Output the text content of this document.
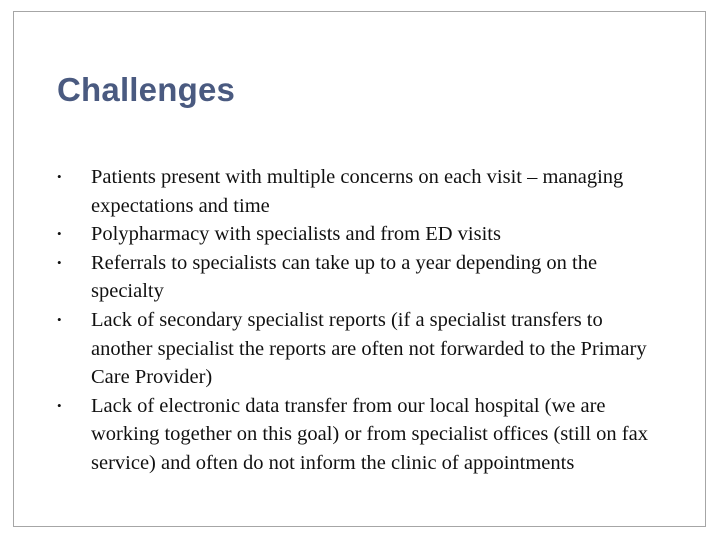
Challenges
• Patients present with multiple concerns on each visit – managing expectations and time
• Polypharmacy with specialists and from ED visits
• Referrals to specialists can take up to a year depending on the specialty
• Lack of secondary specialist reports (if a specialist transfers to another specialist the reports are often not forwarded to the Primary Care Provider)
• Lack of electronic data transfer from our local hospital (we are working together on this goal) or from specialist offices (still on fax service) and often do not inform the clinic of appointments
